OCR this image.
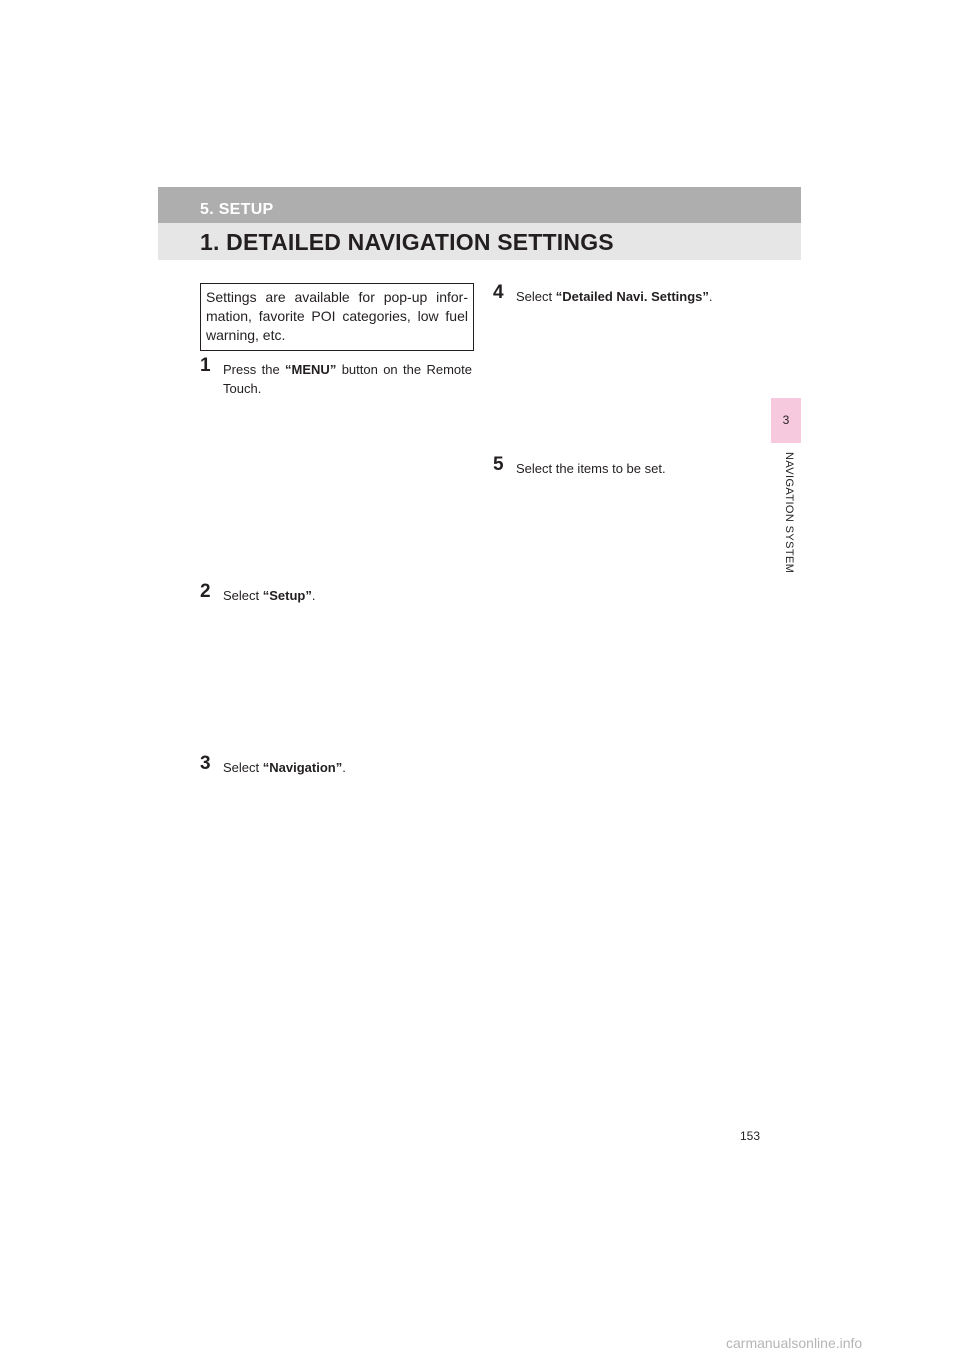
5. SETUP
1. DETAILED NAVIGATION SETTINGS
3
NAVIGATION SYSTEM
Settings are available for pop-up infor-mation, favorite POI categories, low fuel warning, etc.
1 Press the “MENU” button on the Remote Touch.
2 Select “Setup”.
3 Select “Navigation”.
4 Select “Detailed Navi. Settings”.
5 Select the items to be set.
153
carmanualsonline.info
